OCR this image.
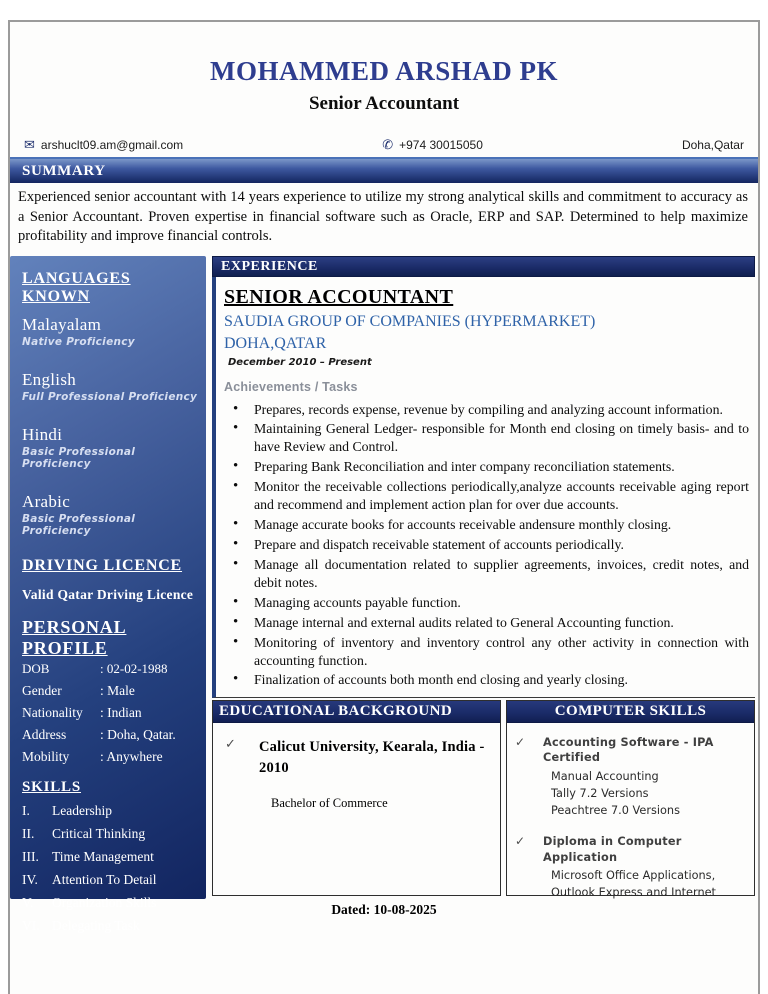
MOHAMMED ARSHAD PK
Senior Accountant
✉ arshuclt09.am@gmail.com	✆ +974 30015050	Doha,Qatar
SUMMARY
Experienced senior accountant with 14 years experience to utilize my strong analytical skills and commitment to accuracy as a Senior Accountant. Proven expertise in financial software such as Oracle, ERP and SAP. Determined to help maximize profitability and improve financial controls.
LANGUAGES KNOWN
Malayalam
Native Proficiency
English
Full Professional Proficiency
Hindi
Basic Professional Proficiency
Arabic
Basic Professional Proficiency
DRIVING LICENCE
Valid Qatar Driving Licence
PERSONAL PROFILE
DOB	: 02-02-1988
Gender	: Male
Nationality	: Indian
Address	: Doha, Qatar.
Mobility	: Anywhere
SKILLS
I.	Leadership
II.	Critical Thinking
III. Time Management
IV.	Attention To Detail
V.	Organization Skills
VI. Delegating Task
EXPERIENCE
SENIOR ACCOUNTANT
SAUDIA GROUP OF COMPANIES (HYPERMARKET)
DOHA,QATAR
December 2010 – Present
Achievements / Tasks
• Prepares, records expense, revenue by compiling and analyzing account information.
• Maintaining General Ledger- responsible for Month end closing on timely basis- and to have Review and Control.
• Preparing Bank Reconciliation and inter company reconciliation statements.
• Monitor the receivable collections periodically,analyze accounts receivable aging report and recommend and implement action plan for over due accounts.
• Manage accurate books for accounts receivable andensure monthly closing.
• Prepare and dispatch receivable statement of accounts periodically.
• Manage all documentation related to supplier agreements, invoices, credit notes, and debit notes.
• Managing accounts payable function.
• Manage internal and external audits related to General Accounting function.
• Monitoring of inventory and inventory control any other activity in connection with accounting function.
• Finalization of accounts both month end closing and yearly closing.
EDUCATIONAL BACKGROUND
✓	Calicut University, Kearala, India - 2010
Bachelor of Commerce
COMPUTER SKILLS
✓	Accounting Software - IPA Certified
Manual Accounting
Tally 7.2 Versions
Peachtree 7.0 Versions
✓	Diploma in Computer Application
Microsoft Office Applications,
Outlook Express and Internet
Dated: 10-08-2025
